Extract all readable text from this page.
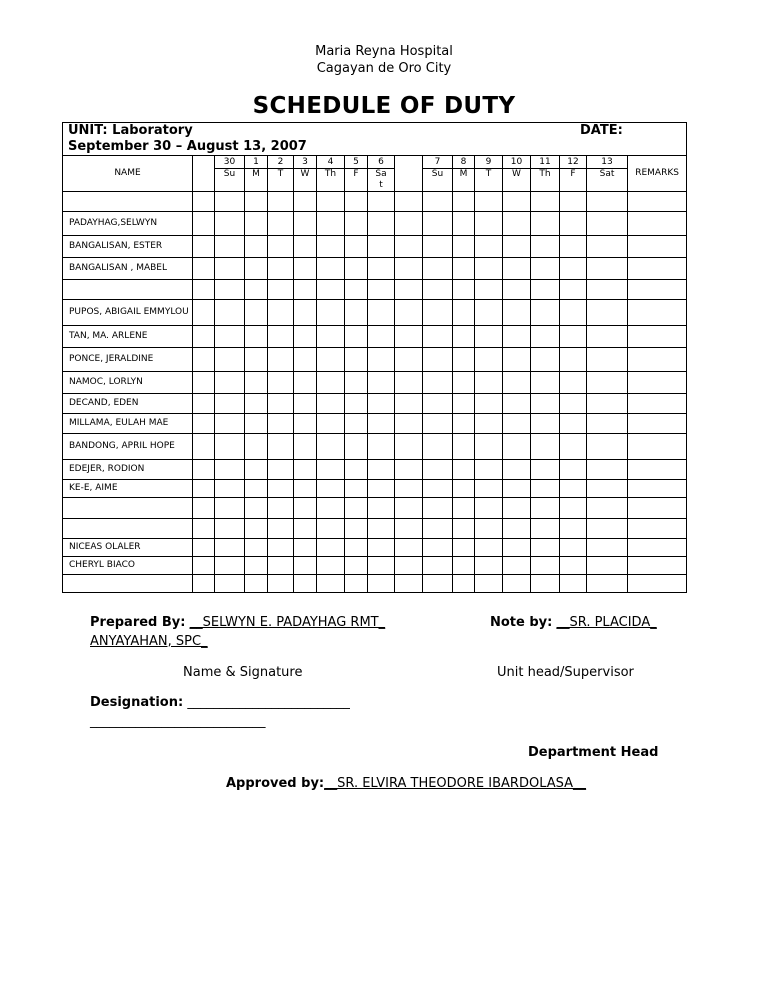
Maria Reyna Hospital
Cagayan de Oro City
SCHEDULE OF DUTY
UNIT: Laboratory DATE:

September 30 – August 13, 2007																	
NAME		30	1	2	3	4	5	6		7	8	9	10	11	12	13	REMARKS
		Su	M	T	W	Th	F	Sat		Su	M	T	W	Th	F	Sat	

PADAYHAG,SELWYN																	
BANGALISAN, ESTER																	
BANGALISAN , MABEL																	

PUPOS, ABIGAIL EMMYLOU																	
TAN, MA. ARLENE																	
PONCE, JERALDINE																	
NAMOC, LORLYN																	
DECAND, EDEN																	
MILLAMA, EULAH MAE																	
BANDONG, APRIL HOPE																	
EDEJER, RODION																	
KE-E, AIME																	

NICEAS OLALER																	
CHERYL BIACO																	

Prepared By: __SELWYN E. PADAYHAG RMT_
ANYAYAHAN, SPC_
Note by: __SR. PLACIDA_
Name & Signature	Unit head/Supervisor
Designation: _________________________
___________________________
Department Head
Approved by:__SR. ELVIRA THEODORE IBARDOLASA__
